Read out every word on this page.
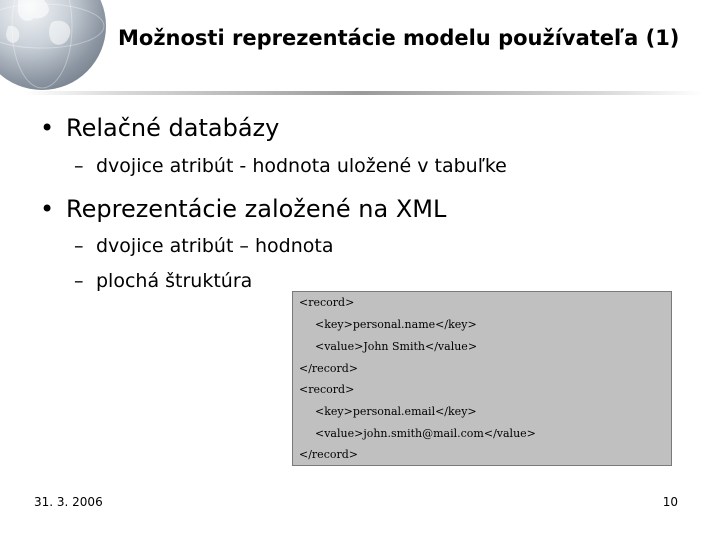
Možnosti reprezentácie modelu používateľa (1)
• Relačné databázy
– dvojice atribút - hodnota uložené v tabuľke
• Reprezentácie založené na XML
– dvojice atribút – hodnota
– plochá štruktúra
<record>
<key>personal.name</key>
<value>John Smith</value>
</record>
<record>
<key>personal.email</key>
<value>john.smith@mail.com</value>
</record>
31. 3. 2006	10
